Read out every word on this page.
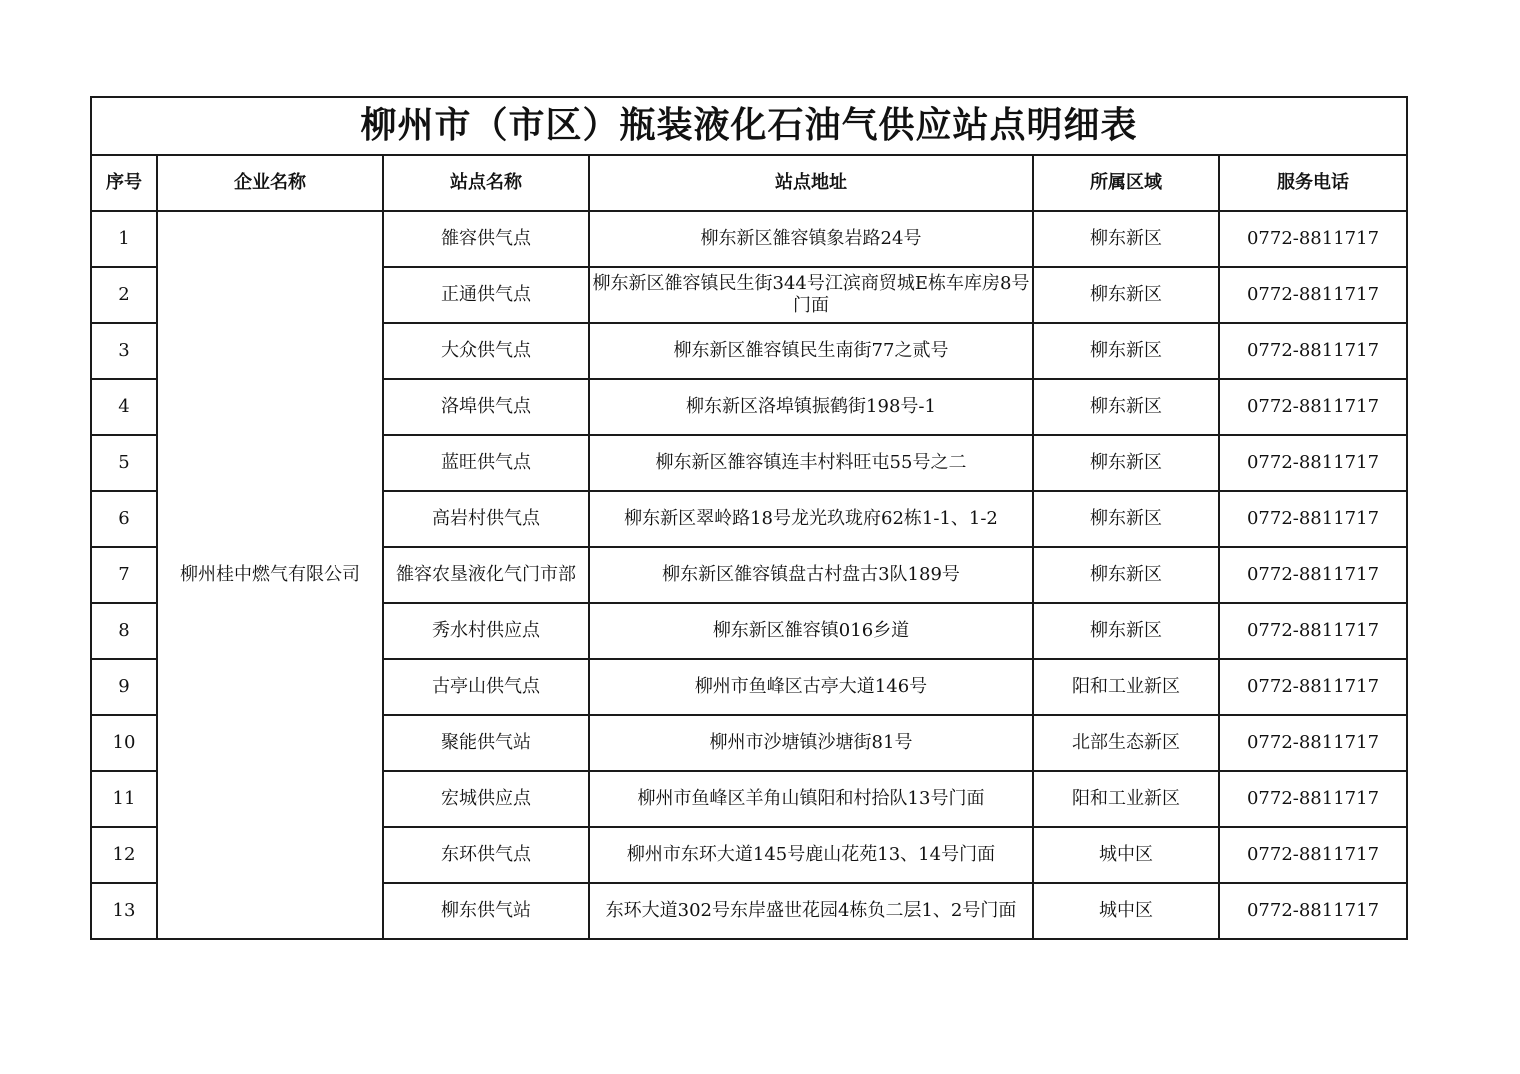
柳州市（市区）瓶装液化石油气供应站点明细表					
序号	企业名称	站点名称	站点地址	所属区域	服务电话
1	柳州桂中燃气有限公司	雒容供气点	柳东新区雒容镇象岩路24号	柳东新区	0772-8811717
2		正通供气点	柳东新区雒容镇民生街344号江滨商贸城E栋车库房8号门面	柳东新区	0772-8811717
3		大众供气点	柳东新区雒容镇民生南街77之贰号	柳东新区	0772-8811717
4		洛埠供气点	柳东新区洛埠镇振鹤街198号-1	柳东新区	0772-8811717
5		蓝旺供气点	柳东新区雒容镇连丰村料旺屯55号之二	柳东新区	0772-8811717
6		高岩村供气点	柳东新区翠岭路18号龙光玖珑府62栋1-1、1-2	柳东新区	0772-8811717
7		雒容农垦液化气门市部	柳东新区雒容镇盘古村盘古3队189号	柳东新区	0772-8811717
8		秀水村供应点	柳东新区雒容镇016乡道	柳东新区	0772-8811717
9		古亭山供气点	柳州市鱼峰区古亭大道146号	阳和工业新区	0772-8811717
10		聚能供气站	柳州市沙塘镇沙塘街81号	北部生态新区	0772-8811717
11		宏城供应点	柳州市鱼峰区羊角山镇阳和村拾队13号门面	阳和工业新区	0772-8811717
12		东环供气点	柳州市东环大道145号鹿山花苑13、14号门面	城中区	0772-8811717
13		柳东供气站	东环大道302号东岸盛世花园4栋负二层1、2号门面	城中区	0772-8811717
